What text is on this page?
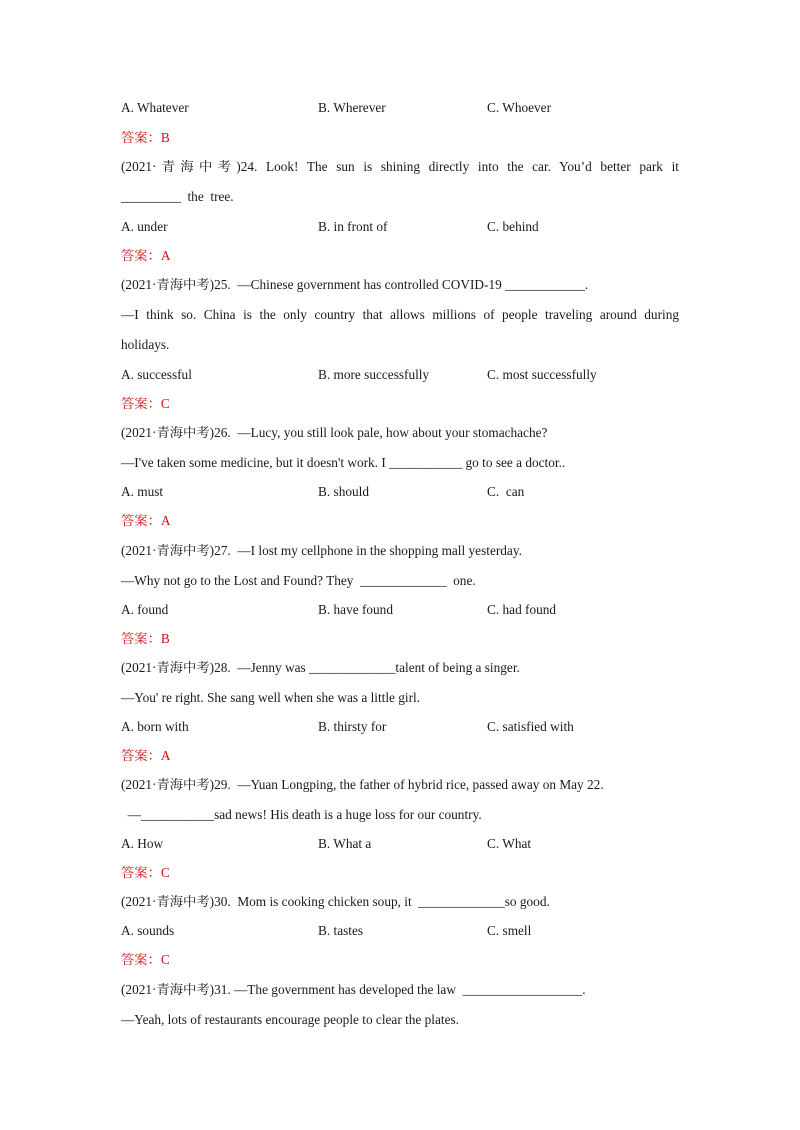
A. Whatever	B. Wherever	C. Whoever
答案：B
(2021·青海中考)24. Look! The sun is shining directly into the car. You’d better park it
_________  the  tree.
A. under	B. in front of	C. behind
答案：A
(2021·青海中考)25.  —Chinese government has controlled COVID-19 ____________.
—I think so. China is the only country that allows millions of people traveling around during
holidays.
A. successful	B. more successfully	C. most successfully
答案：C
(2021·青海中考)26.  —Lucy, you still look pale, how about your stomachache?
—I've taken some medicine, but it doesn't work. I ___________ go to see a doctor..
A. must	B. should	C.  can
答案：A
(2021·青海中考)27.  —I lost my cellphone in the shopping mall yesterday.
—Why not go to the Lost and Found? They  _____________  one.
A. found	B. have found	C. had found
答案：B
(2021·青海中考)28.  —Jenny was _____________talent of being a singer.
—You' re right. She sang well when she was a little girl.
A. born with	B. thirsty for	C. satisfied with
答案：A
(2021·青海中考)29.  —Yuan Longping, the father of hybrid rice, passed away on May 22.
—___________sad news! His death is a huge loss for our country.
A. How	B. What a	C. What
答案：C
(2021·青海中考)30.  Mom is cooking chicken soup, it  _____________so good.
A. sounds	B. tastes	C. smell
答案：C
(2021·青海中考)31. —The government has developed the law  __________________.
—Yeah, lots of restaurants encourage people to clear the plates.
